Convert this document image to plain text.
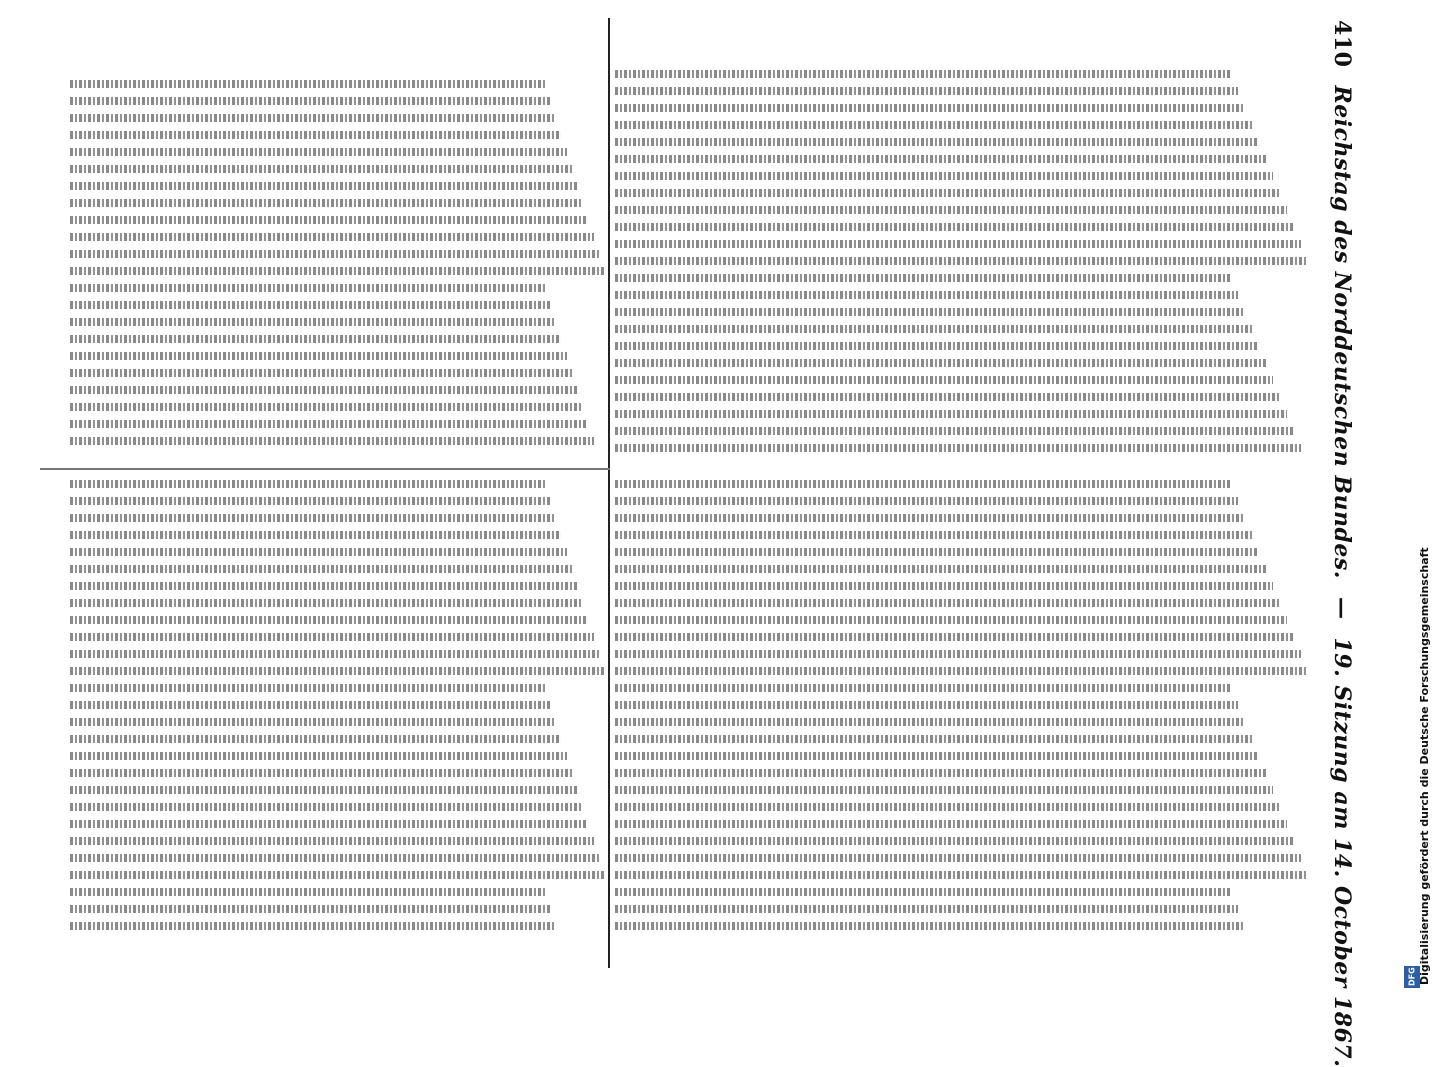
410
Reichstag des Norddeutschen Bundes.
—
19. Sitzung am 14. October 1867.	DFG Digitalisierung gefördert durch die Deutsche Forschungsgemeinschaft
